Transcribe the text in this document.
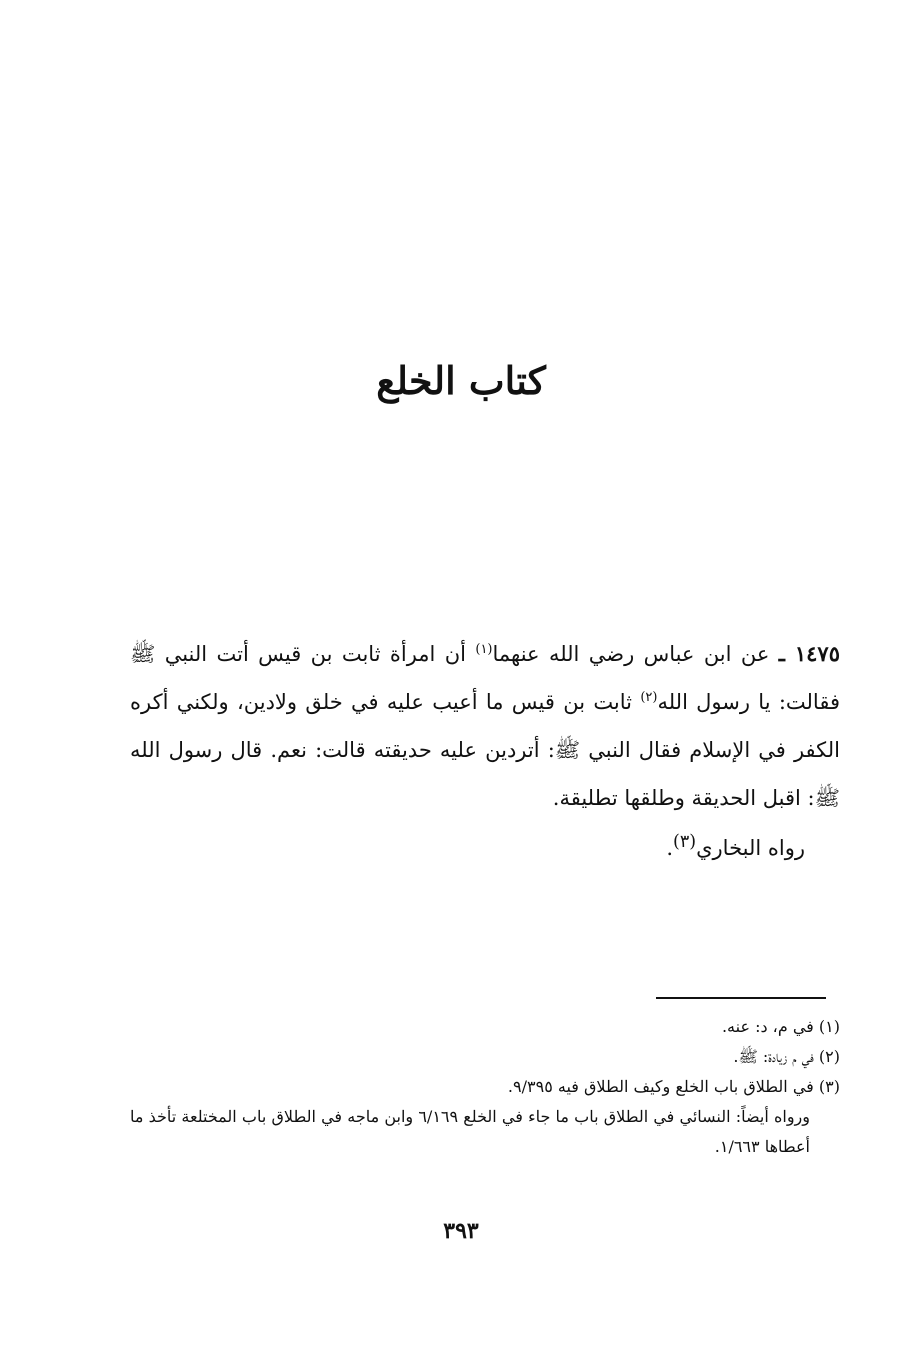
كتاب الخلع
١٤٧٥ ـ عن ابن عباس رضي الله عنهما$^{(١)}$ أن امرأة ثابت بن قيس أتت النبي ﷺ فقالت: يا رسول الله$^{(٢)}$ ثابت بن قيس ما أعيب عليه في خلق ولادين، ولكني أكره الكفر في الإسلام فقال النبي ﷺ: أتردين عليه حديقته قالت: نعم. قال رسول الله ﷺ: اقبل الحديقة وطلقها تطليقة.
رواه البخاري$^{(٣)}$.
(١) في م، د: عنه.
(٢) في م زيادة: ﷺ.
(٣) في الطلاق باب الخلع وكيف الطلاق فيه ٩/٣٩٥.
ورواه أيضاً: النسائي في الطلاق باب ما جاء في الخلع ٦/١٦٩ وابن ماجه في الطلاق باب المختلعة تأخذ ما أعطاها ١/٦٦٣.
٣٩٣
